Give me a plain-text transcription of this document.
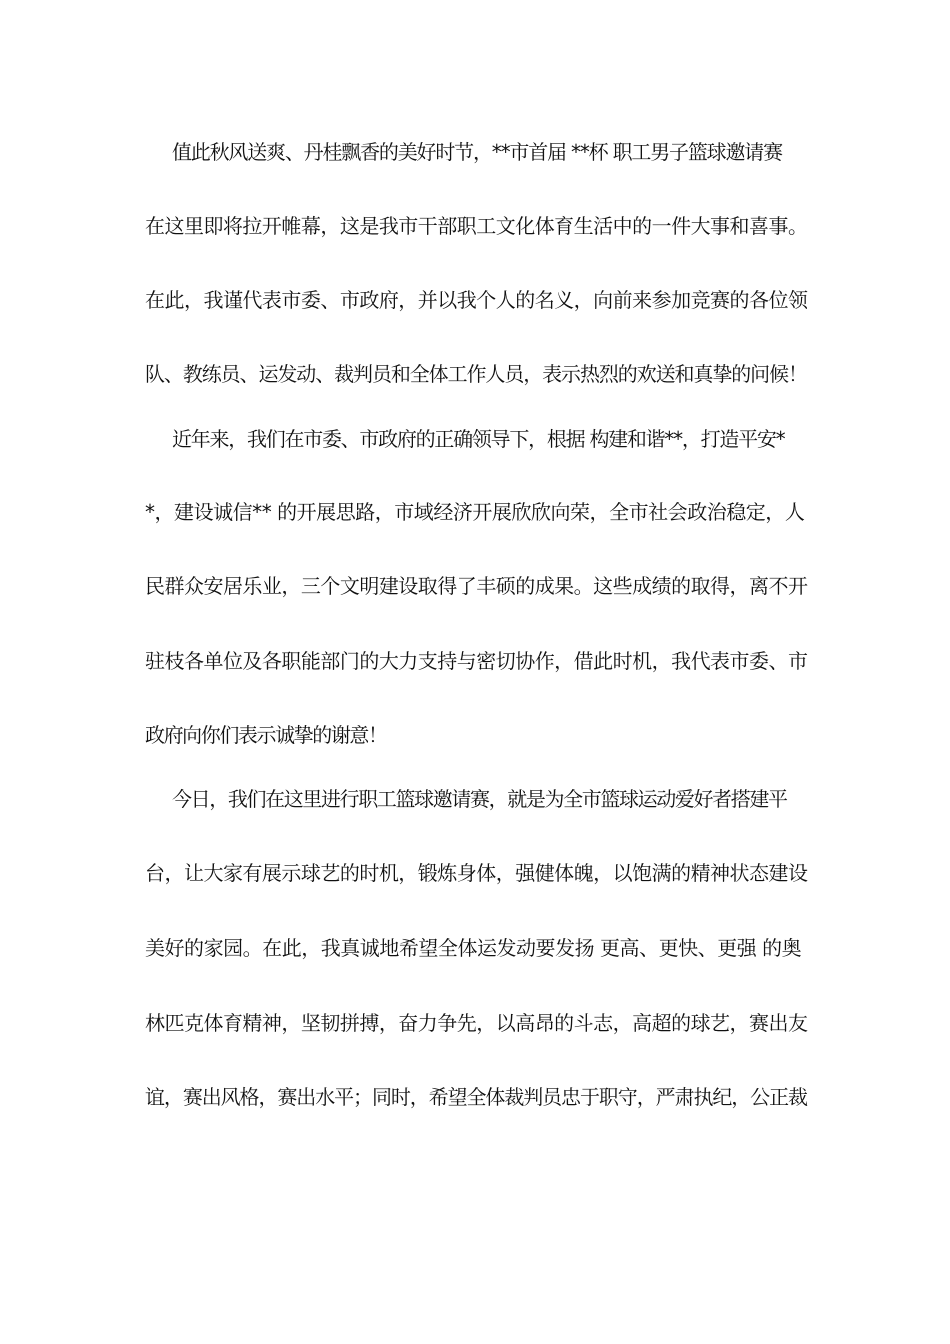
值此秋风送爽、丹桂飘香的美好时节，**市首届 **杯 职工男子篮球邀请赛
在这里即将拉开帷幕，这是我市干部职工文化体育生活中的一件大事和喜事。
在此，我谨代表市委、市政府，并以我个人的名义，向前来参加竞赛的各位领
队、教练员、运发动、裁判员和全体工作人员，表示热烈的欢送和真挚的问候！
近年来，我们在市委、市政府的正确领导下，根据 构建和谐**，打造平安*
*，建设诚信** 的开展思路，市域经济开展欣欣向荣，全市社会政治稳定，人
民群众安居乐业，三个文明建设取得了丰硕的成果。这些成绩的取得，离不开
驻枝各单位及各职能部门的大力支持与密切协作，借此时机，我代表市委、市
政府向你们表示诚挚的谢意！
今日，我们在这里进行职工篮球邀请赛，就是为全市篮球运动爱好者搭建平
台，让大家有展示球艺的时机，锻炼身体，强健体魄，以饱满的精神状态建设
美好的家园。在此，我真诚地希望全体运发动要发扬 更高、更快、更强 的奥
林匹克体育精神，坚韧拼搏，奋力争先，以高昂的斗志，高超的球艺，赛出友
谊，赛出风格，赛出水平；同时，希望全体裁判员忠于职守，严肃执纪，公正裁
